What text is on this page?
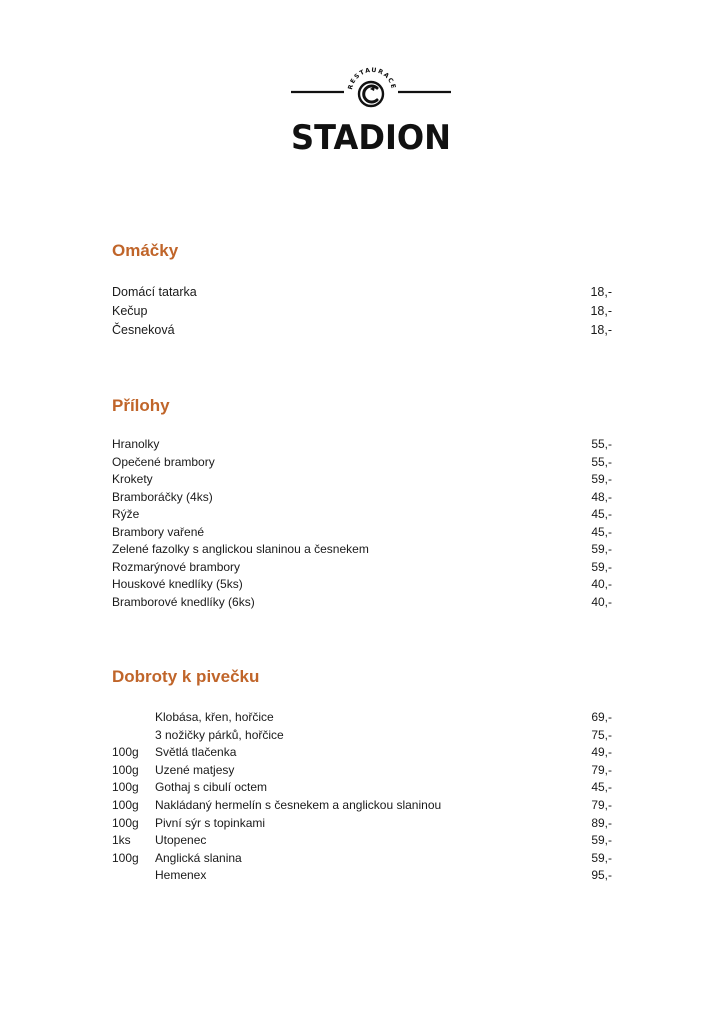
RESTAURACE
STADION
Omáčky
Domácí tatarka	18,-
Kečup	18,-
Česneková	18,-
Přílohy
Hranolky	55,-
Opečené brambory	55,-
Krokety	59,-
Bramboráčky (4ks)	48,-
Rýže	45,-
Brambory vařené	45,-
Zelené fazolky s anglickou slaninou a česnekem	59,-
Rozmarýnové brambory	59,-
Houskové knedlíky (5ks)	40,-
Bramborové knedlíky (6ks)	40,-
Dobroty k pivečku
Klobása, křen, hořčice	69,-
3 nožičky párků, hořčice	75,-
100g Světlá tlačenka	49,-
100g Uzené matjesy	79,-
100g Gothaj s cibulí octem	45,-
100g Nakládaný hermelín s česnekem a anglickou slaninou	79,-
100g Pivní sýr s topinkami	89,-
1ks Utopenec	59,-
100g Anglická slanina	59,-
Hemenex	95,-
